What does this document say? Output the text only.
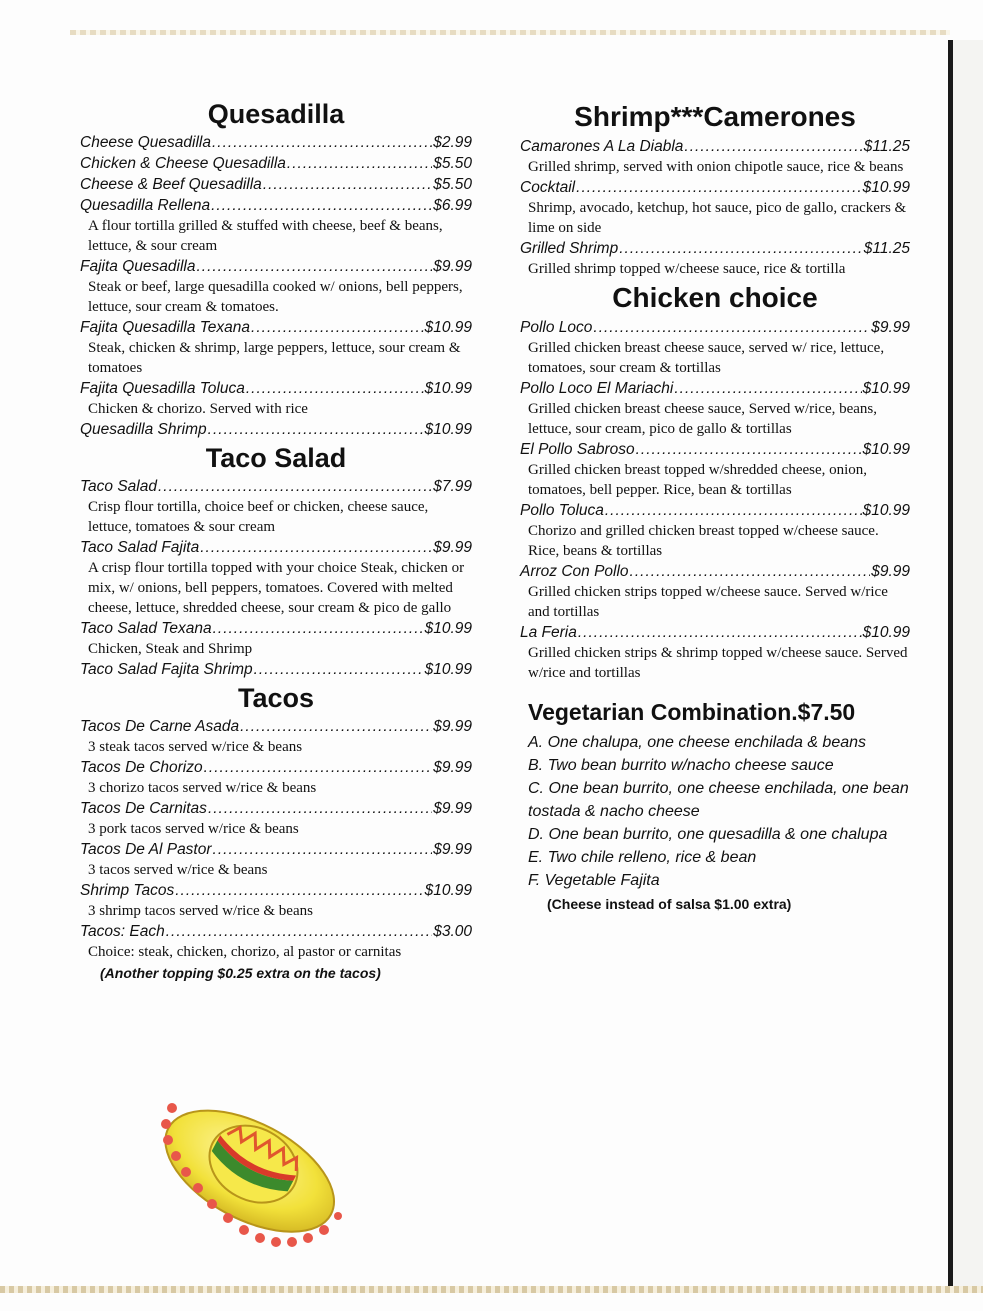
Quesadilla
Cheese Quesadilla .....	$2.99
Chicken & Cheese Quesadilla .....	$5.50
Cheese & Beef Quesadilla .....	$5.50
Quesadilla Rellena .....	$6.99
A flour tortilla grilled & stuffed with cheese, beef & beans, lettuce, & sour cream
Fajita Quesadilla .....	$9.99
Steak or beef, large quesadilla cooked w/ onions, bell peppers, lettuce, sour cream & tomatoes.
Fajita Quesadilla Texana .....	$10.99
Steak, chicken & shrimp, large peppers, lettuce, sour cream & tomatoes
Fajita Quesadilla Toluca .....	$10.99
Chicken & chorizo. Served with rice
Quesadilla Shrimp .....	$10.99
Taco Salad
Taco Salad .....	$7.99
Crisp flour tortilla, choice beef or chicken, cheese sauce, lettuce, tomatoes & sour cream
Taco Salad Fajita .....	$9.99
A crisp flour tortilla topped with your choice Steak, chicken or mix, w/ onions, bell peppers, tomatoes. Covered with melted cheese, lettuce, shredded cheese, sour cream & pico de gallo
Taco Salad Texana .....	$10.99
Chicken, Steak and Shrimp
Taco Salad Fajita Shrimp .....	$10.99
Tacos
Tacos De Carne Asada .....	$9.99
3 steak tacos served w/rice & beans
Tacos De Chorizo .....	$9.99
3 chorizo tacos served w/rice & beans
Tacos De Carnitas .....	$9.99
3 pork tacos served w/rice & beans
Tacos De Al Pastor .....	$9.99
3 tacos served w/rice & beans
Shrimp Tacos .....	$10.99
3 shrimp tacos served w/rice & beans
Tacos: Each .....	$3.00
Choice: steak, chicken, chorizo, al pastor or carnitas
(Another topping $0.25 extra on the tacos)
Shrimp***Camerones
Camarones A La Diabla .....	$11.25
Grilled shrimp, served with onion chipotle sauce, rice & beans
Cocktail .....	$10.99
Shrimp, avocado, ketchup, hot sauce, pico de gallo, crackers & lime on side
Grilled Shrimp .....	$11.25
Grilled shrimp topped w/cheese sauce, rice & tortilla
Chicken choice
Pollo Loco .....	$9.99
Grilled chicken breast cheese sauce, served w/ rice, lettuce, tomatoes, sour cream & tortillas
Pollo Loco El Mariachi .....	$10.99
Grilled chicken breast cheese sauce, Served w/rice, beans, lettuce, sour cream, pico de gallo & tortillas
El Pollo Sabroso .....	$10.99
Grilled chicken breast topped w/shredded cheese, onion, tomatoes, bell pepper. Rice, bean & tortillas
Pollo Toluca .....	$10.99
Chorizo and grilled chicken breast topped w/cheese sauce. Rice, beans & tortillas
Arroz Con Pollo .....	$9.99
Grilled chicken strips topped w/cheese sauce. Served w/rice and tortillas
La Feria .....	$10.99
Grilled chicken strips & shrimp topped w/cheese sauce. Served w/rice and tortillas
Vegetarian Combination.$7.50
A. One chalupa, one cheese enchilada & beans
B. Two bean burrito w/nacho cheese sauce
C. One bean burrito, one cheese enchilada, one bean tostada & nacho cheese
D. One bean burrito, one quesadilla & one chalupa
E. Two chile relleno, rice & bean
F. Vegetable Fajita
(Cheese instead of salsa $1.00 extra)
